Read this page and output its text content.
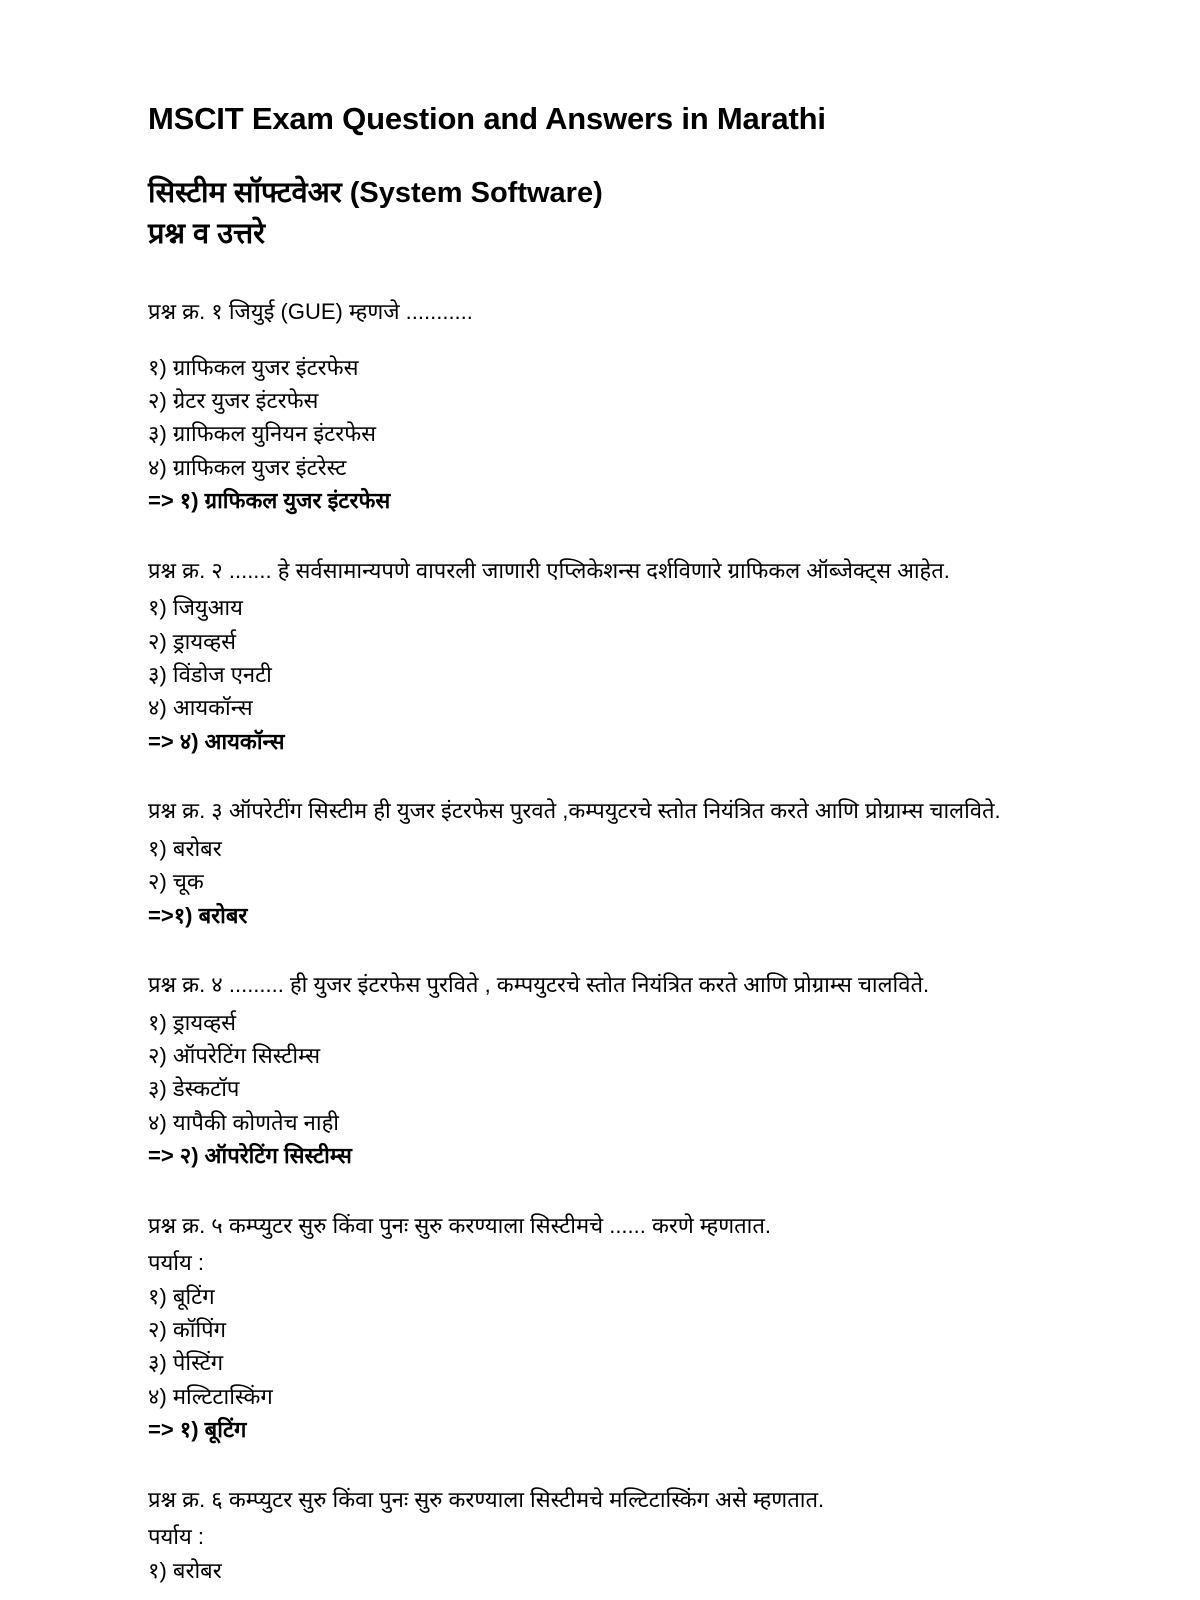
MSCIT Exam Question and Answers in Marathi
सिस्टीम सॉफ्टवेअर (System Software)
प्रश्न व उत्तरे

प्रश्न क्र. १ जियुई (GUE) म्हणजे ...........

१) ग्राफिकल युजर इंटरफेस

२) ग्रेटर युजर इंटरफेस

३) ग्राफिकल युनियन इंटरफेस

४) ग्राफिकल युजर इंटरेस्ट

=> १) ग्राफिकल युजर इंटरफेस

प्रश्न क्र. २ ....... हे सर्वसामान्यपणे वापरली जाणारी एप्लिकेशन्स दर्शविणारे ग्राफिकल ऑब्जेक्ट्स आहेत.

१) जियुआय

२) ड्रायव्हर्स

३) विंडोज एनटी

४) आयकॉन्स

=> ४) आयकॉन्स

प्रश्न क्र. ३ ऑपरेटींग सिस्टीम ही युजर इंटरफेस पुरवते ,कम्पयुटरचे स्तोत नियंत्रित करते आणि प्रोग्राम्स चालविते.

१) बरोबर

२) चूक

=>१) बरोबर

प्रश्न क्र. ४ ......... ही युजर इंटरफेस पुरविते , कम्पयुटरचे स्तोत नियंत्रित करते आणि प्रोग्राम्स चालविते.

१) ड्रायव्हर्स

२) ऑपरेटिंग सिस्टीम्स

३) डेस्कटॉप

४) यापैकी कोणतेच नाही

=> २) ऑपरेटिंग सिस्टीम्स

प्रश्न क्र. ५ कम्प्युटर सुरु किंवा पुनः सुरु करण्याला सिस्टीमचे ...... करणे म्हणतात.

पर्याय :

१) बूटिंग

२) कॉपिंग

३) पेस्टिंग

४) मल्टिटास्किंग

=> १) बूटिंग

प्रश्न क्र. ६ कम्प्युटर सुरु किंवा पुनः सुरु करण्याला सिस्टीमचे मल्टिटास्किंग असे म्हणतात.

पर्याय :

१) बरोबर
